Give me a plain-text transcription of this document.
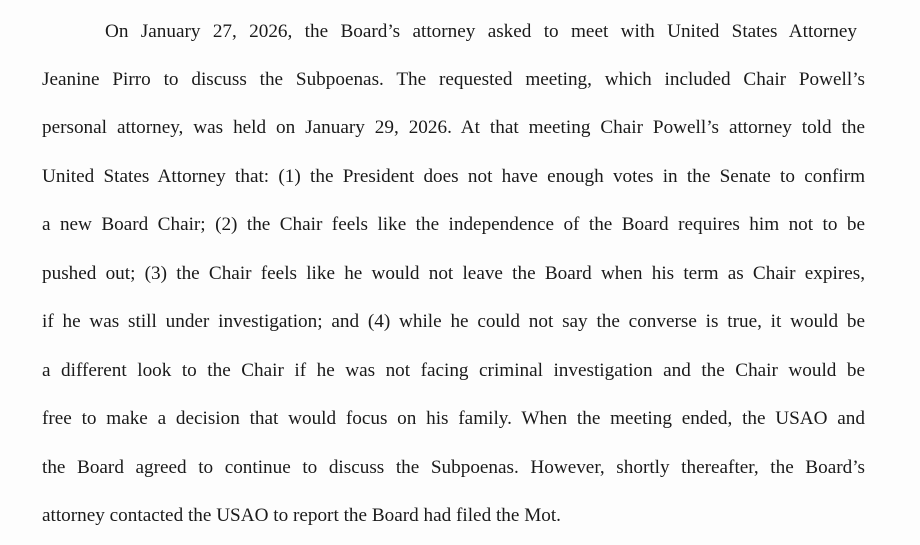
On January 27, 2026, the Board’s attorney asked to meet with United States Attorney
Jeanine Pirro to discuss the Subpoenas. The requested meeting, which included Chair Powell’s
personal attorney, was held on January 29, 2026. At that meeting Chair Powell’s attorney told the
United States Attorney that: (1) the President does not have enough votes in the Senate to confirm
a new Board Chair; (2) the Chair feels like the independence of the Board requires him not to be
pushed out; (3) the Chair feels like he would not leave the Board when his term as Chair expires,
if he was still under investigation; and (4) while he could not say the converse is true, it would be
a different look to the Chair if he was not facing criminal investigation and the Chair would be
free to make a decision that would focus on his family. When the meeting ended, the USAO and
the Board agreed to continue to discuss the Subpoenas. However, shortly thereafter, the Board’s
attorney contacted the USAO to report the Board had filed the Mot.
